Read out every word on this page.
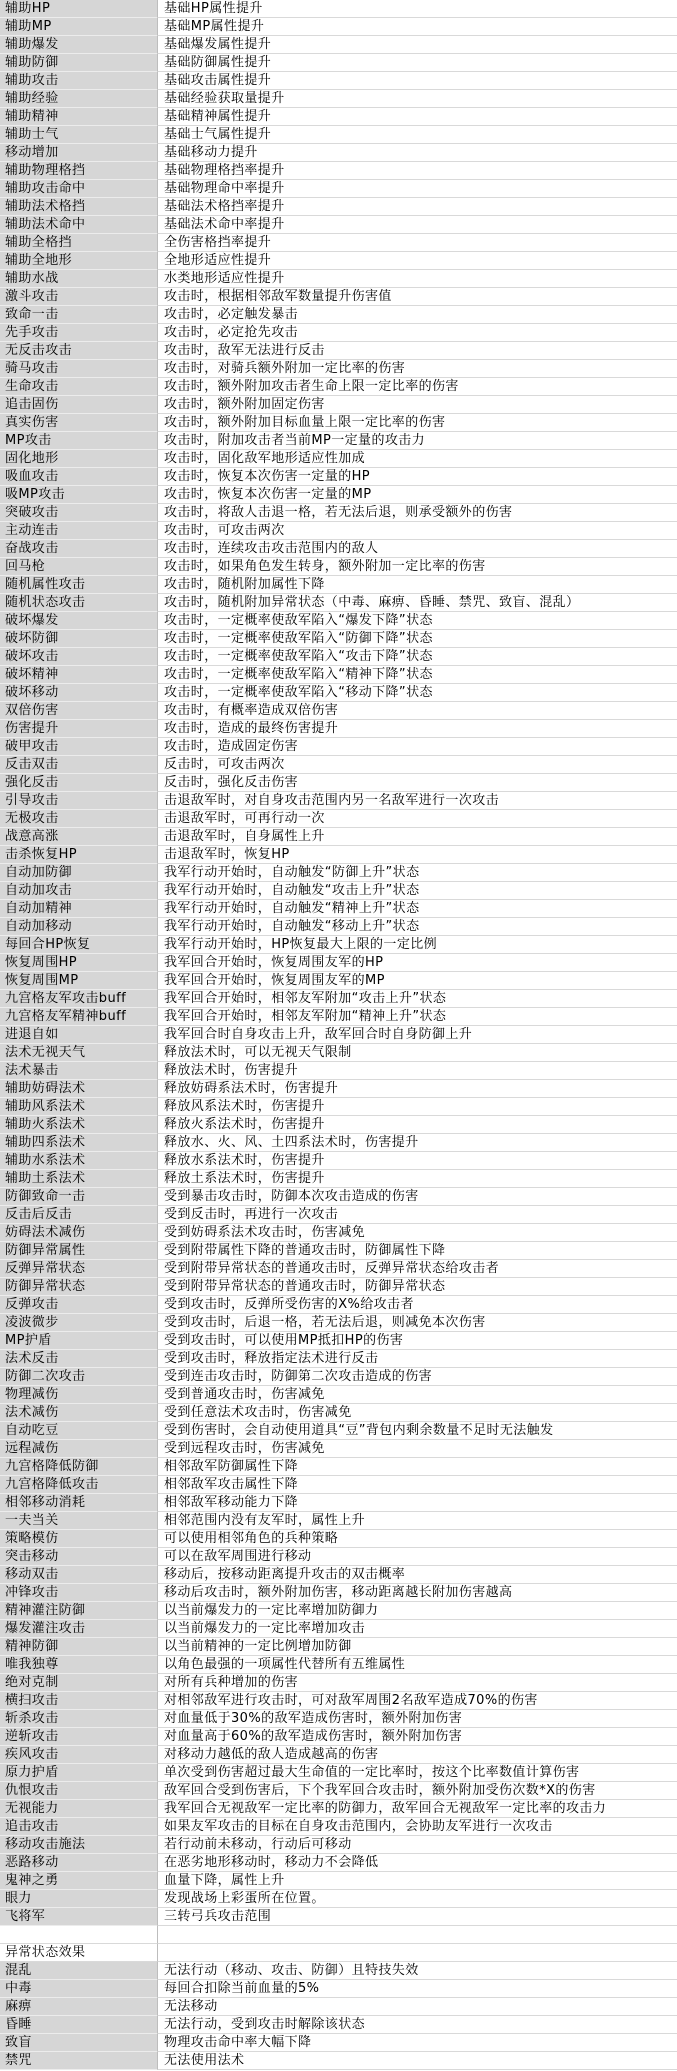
辅助HP	基础HP属性提升
辅助MP	基础MP属性提升
辅助爆发	基础爆发属性提升
辅助防御	基础防御属性提升
辅助攻击	基础攻击属性提升
辅助经验	基础经验获取量提升
辅助精神	基础精神属性提升
辅助士气	基础士气属性提升
移动增加	基础移动力提升
辅助物理格挡	基础物理格挡率提升
辅助攻击命中	基础物理命中率提升
辅助法术格挡	基础法术格挡率提升
辅助法术命中	基础法术命中率提升
辅助全格挡	全伤害格挡率提升
辅助全地形	全地形适应性提升
辅助水战	水类地形适应性提升
激斗攻击	攻击时，根据相邻敌军数量提升伤害值
致命一击	攻击时，必定触发暴击
先手攻击	攻击时，必定抢先攻击
无反击攻击	攻击时，敌军无法进行反击
骑马攻击	攻击时，对骑兵额外附加一定比率的伤害
生命攻击	攻击时，额外附加攻击者生命上限一定比率的伤害
追击固伤	攻击时，额外附加固定伤害
真实伤害	攻击时，额外附加目标血量上限一定比率的伤害
MP攻击	攻击时，附加攻击者当前MP一定量的攻击力
固化地形	攻击时，固化敌军地形适应性加成
吸血攻击	攻击时，恢复本次伤害一定量的HP
吸MP攻击	攻击时，恢复本次伤害一定量的MP
突破攻击	攻击时，将敌人击退一格，若无法后退，则承受额外的伤害
主动连击	攻击时，可攻击两次
奋战攻击	攻击时，连续攻击攻击范围内的敌人
回马枪	攻击时，如果角色发生转身，额外附加一定比率的伤害
随机属性攻击	攻击时，随机附加属性下降
随机状态攻击	攻击时，随机附加异常状态（中毒、麻痹、昏睡、禁咒、致盲、混乱）
破坏爆发	攻击时，一定概率使敌军陷入“爆发下降”状态
破坏防御	攻击时，一定概率使敌军陷入“防御下降”状态
破坏攻击	攻击时，一定概率使敌军陷入“攻击下降”状态
破坏精神	攻击时，一定概率使敌军陷入“精神下降”状态
破坏移动	攻击时，一定概率使敌军陷入“移动下降”状态
双倍伤害	攻击时，有概率造成双倍伤害
伤害提升	攻击时，造成的最终伤害提升
破甲攻击	攻击时，造成固定伤害
反击双击	反击时，可攻击两次
强化反击	反击时，强化反击伤害
引导攻击	击退敌军时，对自身攻击范围内另一名敌军进行一次攻击
无极攻击	击退敌军时，可再行动一次
战意高涨	击退敌军时，自身属性上升
击杀恢复HP	击退敌军时，恢复HP
自动加防御	我军行动开始时，自动触发“防御上升”状态
自动加攻击	我军行动开始时，自动触发“攻击上升”状态
自动加精神	我军行动开始时，自动触发“精神上升”状态
自动加移动	我军行动开始时，自动触发“移动上升”状态
每回合HP恢复	我军行动开始时，HP恢复最大上限的一定比例
恢复周围HP	我军回合开始时，恢复周围友军的HP
恢复周围MP	我军回合开始时，恢复周围友军的MP
九宫格友军攻击buff	我军回合开始时，相邻友军附加“攻击上升”状态
九宫格友军精神buff	我军回合开始时，相邻友军附加“精神上升”状态
进退自如	我军回合时自身攻击上升，敌军回合时自身防御上升
法术无视天气	释放法术时，可以无视天气限制
法术暴击	释放法术时，伤害提升
辅助妨碍法术	释放妨碍系法术时，伤害提升
辅助风系法术	释放风系法术时，伤害提升
辅助火系法术	释放火系法术时，伤害提升
辅助四系法术	释放水、火、风、土四系法术时，伤害提升
辅助水系法术	释放水系法术时，伤害提升
辅助土系法术	释放土系法术时，伤害提升
防御致命一击	受到暴击攻击时，防御本次攻击造成的伤害
反击后反击	受到反击时，再进行一次攻击
妨碍法术减伤	受到妨碍系法术攻击时，伤害减免
防御异常属性	受到附带属性下降的普通攻击时，防御属性下降
反弹异常状态	受到附带异常状态的普通攻击时，反弹异常状态给攻击者
防御异常状态	受到附带异常状态的普通攻击时，防御异常状态
反弹攻击	受到攻击时，反弹所受伤害的X%给攻击者
凌波微步	受到攻击时，后退一格，若无法后退，则减免本次伤害
MP护盾	受到攻击时，可以使用MP抵扣HP的伤害
法术反击	受到攻击时，释放指定法术进行反击
防御二次攻击	受到连击攻击时，防御第二次攻击造成的伤害
物理减伤	受到普通攻击时，伤害减免
法术减伤	受到任意法术攻击时，伤害减免
自动吃豆	受到伤害时，会自动使用道具“豆”背包内剩余数量不足时无法触发
远程减伤	受到远程攻击时，伤害减免
九宫格降低防御	相邻敌军防御属性下降
九宫格降低攻击	相邻敌军攻击属性下降
相邻移动消耗	相邻敌军移动能力下降
一夫当关	相邻范围内没有友军时，属性上升
策略模仿	可以使用相邻角色的兵种策略
突击移动	可以在敌军周围进行移动
移动双击	移动后，按移动距离提升攻击的双击概率
冲锋攻击	移动后攻击时，额外附加伤害，移动距离越长附加伤害越高
精神灌注防御	以当前爆发力的一定比率增加防御力
爆发灌注攻击	以当前爆发力的一定比率增加攻击
精神防御	以当前精神的一定比例增加防御
唯我独尊	以角色最强的一项属性代替所有五维属性
绝对克制	对所有兵种增加的伤害
横扫攻击	对相邻敌军进行攻击时，可对敌军周围2名敌军造成70%的伤害
斩杀攻击	对血量低于30%的敌军造成伤害时，额外附加伤害
逆斩攻击	对血量高于60%的敌军造成伤害时，额外附加伤害
疾风攻击	对移动力越低的敌人造成越高的伤害
原力护盾	单次受到伤害超过最大生命值的一定比率时，按这个比率数值计算伤害
仇恨攻击	敌军回合受到伤害后，下个我军回合攻击时，额外附加受伤次数*X的伤害
无视能力	我军回合无视敌军一定比率的防御力，敌军回合无视敌军一定比率的攻击力
追击攻击	如果友军攻击的目标在自身攻击范围内，会协助友军进行一次攻击
移动攻击施法	若行动前未移动，行动后可移动
恶路移动	在恶劣地形移动时，移动力不会降低
鬼神之勇	血量下降，属性上升
眼力	发现战场上彩蛋所在位置。
飞将军	三转弓兵攻击范围
异常状态效果
混乱	无法行动（移动、攻击、防御）且特技失效
中毒	每回合扣除当前血量的5%
麻痹	无法移动
昏睡	无法行动，受到攻击时解除该状态
致盲	物理攻击命中率大幅下降
禁咒	无法使用法术
